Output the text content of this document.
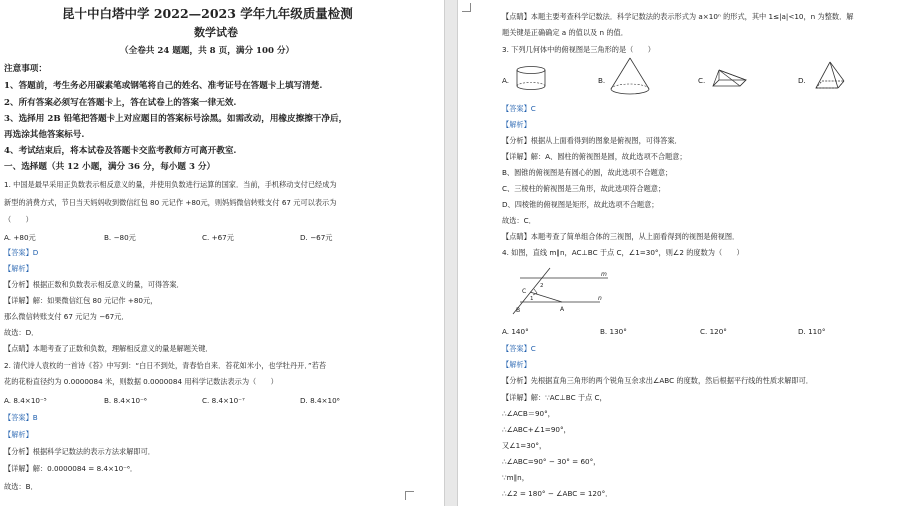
昆十中白塔中学 2022—2023 学年九年级质量检测
数学试卷
（全卷共 24 题题，共 8 页，满分 100 分）
注意事项：
1、答题前，考生务必用碳素笔或钢笔将自己的姓名、准考证号在答题卡上填写清楚.
2、所有答案必须写在答题卡上，答在试卷上的答案一律无效.
3、选择用 2B 铅笔把答题卡上对应题目的答案标号涂黑。如需改动，用橡皮擦擦干净后，
再选涂其他答案标号.
4、考试结束后，将本试卷及答题卡交监考教师方可离开教室.
一、选择题（共 12 小题，满分 36 分，每小题 3 分）
1. 中国是最早采用正负数表示相反意义的量，并使用负数进行运算的国家．当前，手机移动支付已经成为
新型的消费方式，节日当天妈妈收到微信红包 80 元记作 +80元，则妈妈微信转账支付 67 元可以表示为
（　　）
A. +80元	B. −80元	C. +67元	D. −67元
【答案】D
【解析】
【分析】根据正数和负数表示相反意义的量，可得答案．
【详解】解：如果微信红包 80 元记作 +80元，
那么微信转账支付 67 元记为 −67元．
故选：D．
【点睛】本题考查了正数和负数，理解相反意义的量是解题关键．
2. 清代诗人袁枚的一首诗《苔》中写到：“白日不到处，青春恰自来．苔花如米小，也学牡丹开．”若苔
花的花粉直径约为 0.0000084 米，则数据 0.0000084 用科学记数法表示为（　　）
A. 8.4×10⁻⁵	B. 8.4×10⁻⁶	C. 8.4×10⁻⁷	D. 8.4×10⁶
【答案】B
【解析】
【分析】根据科学记数法的表示方法求解即可．
【详解】解：0.0000084 = 8.4×10⁻⁶．
故选：B．
【点睛】本题主要考查科学记数法．科学记数法的表示形式为 a×10ⁿ 的形式，其中 1≤|a|<10，n 为整数．解
题关键是正确确定 a 的值以及 n 的值．
3. 下列几何体中的俯视图是三角形的是（　　）
A.	B.	C.	D.
【答案】C
【解析】
【分析】根据从上面看得到的图象是俯视图，可得答案．
【详解】解：A、圆柱的俯视图是圆，故此选项不合题意；
B、圆锥的俯视图是有圆心的圆，故此选项不合题意；
C、三棱柱的俯视图是三角形，故此选项符合题意；
D、四棱锥的俯视图是矩形，故此选项不合题意；
故选：C．
【点睛】本题考查了简单组合体的三视图，从上面看得到的视图是俯视图．
4. 如图，直线 m∥n，AC⊥BC 于点 C，∠1=30°，则∠2 的度数为（　　）
m
n
C
B	A
2
1
A. 140°	B. 130°	C. 120°	D. 110°
【答案】C
【解析】
【分析】先根据直角三角形的两个锐角互余求出∠ABC 的度数，然后根据平行线的性质求解即可．
【详解】解：∵AC⊥BC 于点 C，
∴∠ACB＝90°，
∴∠ABC+∠1=90°，
又∠1=30°，
∴∠ABC=90° − 30° = 60°，
∵m∥n，
∴∠2 = 180° − ∠ABC = 120°．
